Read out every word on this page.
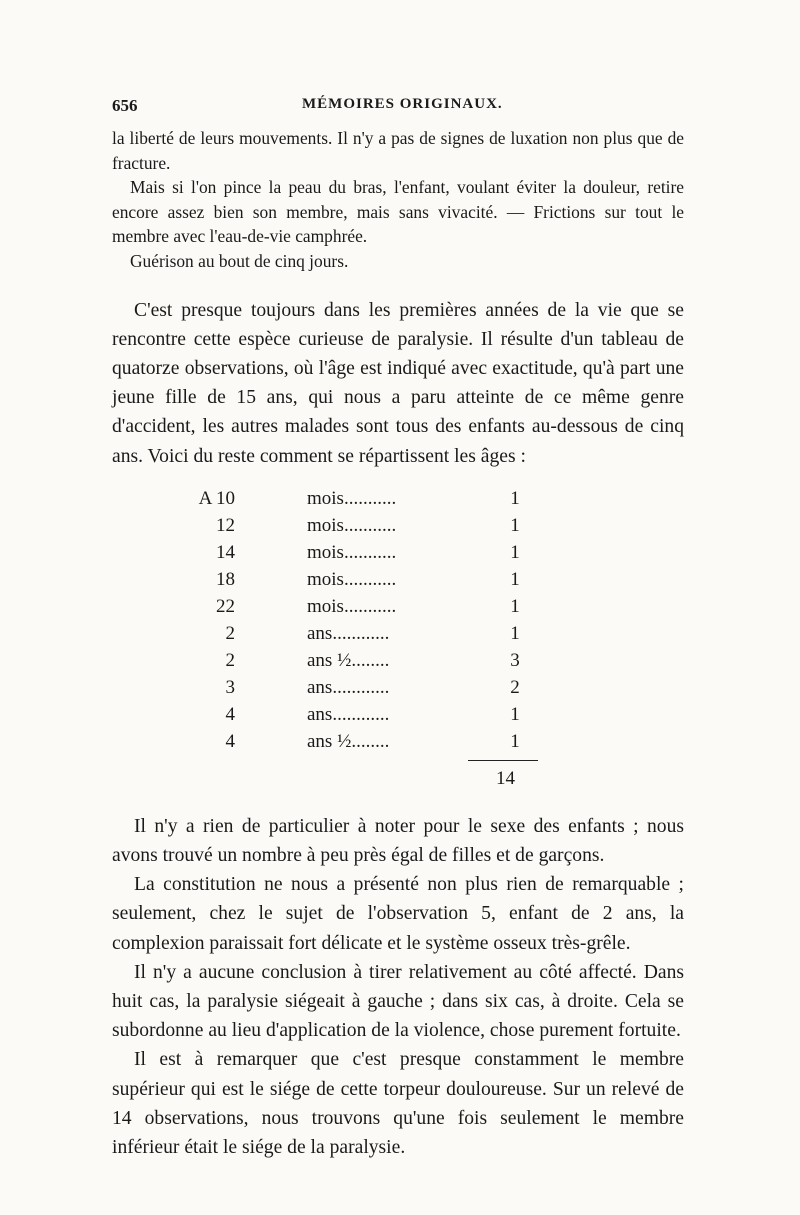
656	MÉMOIRES ORIGINAUX.

la liberté de leurs mouvements. Il n'y a pas de signes de luxation non plus que de fracture.

Mais si l'on pince la peau du bras, l'enfant, voulant éviter la douleur, retire encore assez bien son membre, mais sans vivacité. — Frictions sur tout le membre avec l'eau-de-vie camphrée.

Guérison au bout de cinq jours.

C'est presque toujours dans les premières années de la vie que se rencontre cette espèce curieuse de paralysie. Il résulte d'un tableau de quatorze observations, où l'âge est indiqué avec exactitude, qu'à part une jeune fille de 15 ans, qui nous a paru atteinte de ce même genre d'accident, les autres malades sont tous des enfants au-dessous de cinq ans. Voici du reste comment se répartissent les âges :

A 10	mois...........	1
12	mois...........	1
14	mois...........	1
18	mois...........	1
22	mois...........	1
2	ans............	1
2	ans ½........	3
3	ans............	2
4	ans............	1
4	ans ½........	1
14

Il n'y a rien de particulier à noter pour le sexe des enfants ; nous avons trouvé un nombre à peu près égal de filles et de garçons.

La constitution ne nous a présenté non plus rien de remarquable ; seulement, chez le sujet de l'observation 5, enfant de 2 ans, la complexion paraissait fort délicate et le système osseux très-grêle.

Il n'y a aucune conclusion à tirer relativement au côté affecté. Dans huit cas, la paralysie siégeait à gauche ; dans six cas, à droite. Cela se subordonne au lieu d'application de la violence, chose purement fortuite.

Il est à remarquer que c'est presque constamment le membre supérieur qui est le siége de cette torpeur douloureuse. Sur un relevé de 14 observations, nous trouvons qu'une fois seulement le membre inférieur était le siége de la paralysie.
